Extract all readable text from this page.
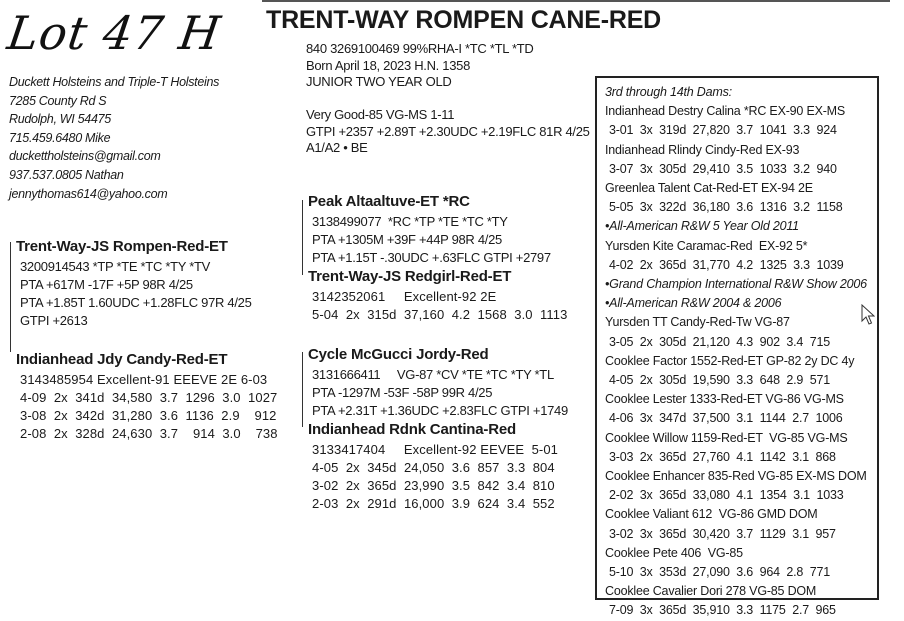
Lot 47 H TRENT-WAY ROMPEN CANE-RED
840 3269100469 99%RHA-I *TC *TL *TD
Born April 18, 2023 H.N. 1358
JUNIOR TWO YEAR OLD
Very Good-85 VG-MS 1-11
GTPI +2357 +2.89T +2.30UDC +2.19FLC 81R 4/25
A1/A2 • BE
Duckett Holsteins and Triple-T Holsteins
7285 County Rd S
Rudolph, WI 54475
715.459.6480 Mike
duckettholsteins@gmail.com
937.537.0805 Nathan
jennythomas614@yahoo.com
Trent-Way-JS Rompen-Red-ET
3200914543 *TP *TE *TC *TY *TV
PTA +617M -17F +5P 98R 4/25
PTA +1.85T 1.60UDC +1.28FLC 97R 4/25
GTPI +2613
Indianhead Jdy Candy-Red-ET
3143485954 Excellent-91 EEEVE 2E 6-03
4-09  2x  341d  34,580  3.7  1296  3.0  1027
3-08  2x  342d  31,280  3.6  1136  2.9    912
2-08  2x  328d  24,630  3.7    914  3.0    738
Peak Altaaltuve-ET *RC
3138499077  *RC *TP *TE *TC *TY
PTA +1305M +39F +44P 98R 4/25
PTA +1.15T -.30UDC +.63FLC GTPI +2797
Trent-Way-JS Redgirl-Red-ET
3142352061     Excellent-92 2E
5-04  2x  315d  37,160  4.2  1568  3.0  1113
Cycle McGucci Jordy-Red
3131666411     VG-87 *CV *TE *TC *TY *TL
PTA -1297M -53F -58P 99R 4/25
PTA +2.31T +1.36UDC +2.83FLC GTPI +1749
Indianhead Rdnk Cantina-Red
3133417404     Excellent-92 EEVEE  5-01
4-05  2x  345d  24,050  3.6  857  3.3  804
3-02  2x  365d  23,990  3.5  842  3.4  810
2-03  2x  291d  16,000  3.9  624  3.4  552
3rd through 14th Dams:
Indianhead Destry Calina *RC EX-90 EX-MS
3-01  3x  319d  27,820  3.7  1041  3.3  924
Indianhead Rlindy Cindy-Red EX-93
3-07  3x  305d  29,410  3.5  1033  3.2  940
Greenlea Talent Cat-Red-ET EX-94 2E
5-05  3x  322d  36,180  3.6  1316  3.2  1158
•All-American R&W 5 Year Old 2011
Yursden Kite Caramac-Red  EX-92 5*
4-02  2x  365d  31,770  4.2  1325  3.3  1039
•Grand Champion International R&W Show 2006
•All-American R&W 2004 & 2006
Yursden TT Candy-Red-Tw VG-87
3-05  2x  305d  21,120  4.3  902  3.4  715
Cooklee Factor 1552-Red-ET GP-82 2y DC 4y
4-05  2x  305d  19,590  3.3  648  2.9  571
Cooklee Lester 1333-Red-ET VG-86 VG-MS
4-06  3x  347d  37,500  3.1  1144  2.7  1006
Cooklee Willow 1159-Red-ET  VG-85 VG-MS
3-03  2x  365d  27,760  4.1  1142  3.1  868
Cooklee Enhancer 835-Red VG-85 EX-MS DOM
2-02  3x  365d  33,080  4.1  1354  3.1  1033
Cooklee Valiant 612  VG-86 GMD DOM
3-02  3x  365d  30,420  3.7  1129  3.1  957
Cooklee Pete 406  VG-85
5-10  3x  353d  27,090  3.6  964  2.8  771
Cooklee Cavalier Dori 278 VG-85 DOM
7-09  3x  365d  35,910  3.3  1175  2.7  965
